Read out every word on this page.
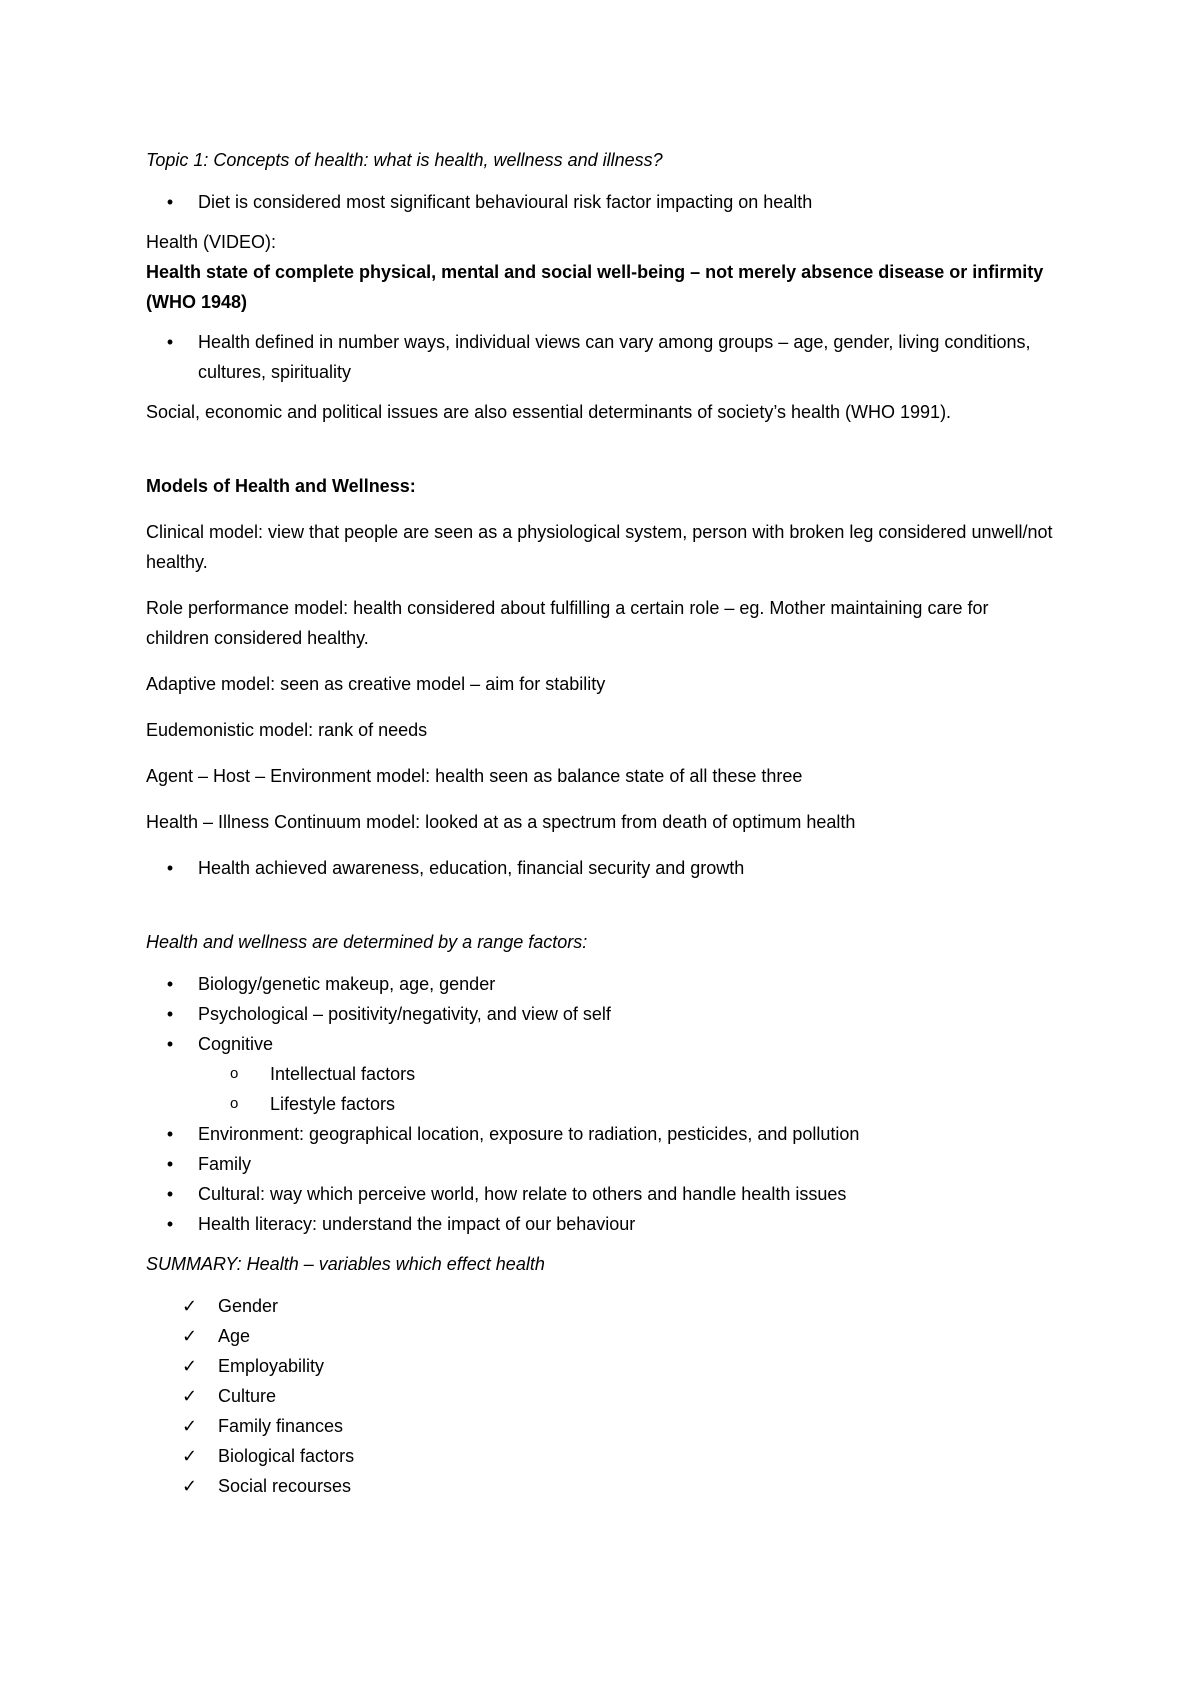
Topic 1: Concepts of health: what is health, wellness and illness?

•	Diet is considered most significant behavioural risk factor impacting on health

Health (VIDEO):

Health state of complete physical, mental and social well-being – not merely absence disease or infirmity (WHO 1948)

•	Health defined in number ways, individual views can vary among groups – age, gender, living conditions, cultures, spirituality

Social, economic and political issues are also essential determinants of society’s health (WHO 1991).

Models of Health and Wellness:

Clinical model: view that people are seen as a physiological system, person with broken leg considered unwell/not healthy.

Role performance model: health considered about fulfilling a certain role – eg. Mother maintaining care for children considered healthy.

Adaptive model: seen as creative model – aim for stability

Eudemonistic model: rank of needs

Agent – Host – Environment model: health seen as balance state of all these three

Health – Illness Continuum model: looked at as a spectrum from death of optimum health

•	Health achieved awareness, education, financial security and growth

Health and wellness are determined by a range factors:

•	Biology/genetic makeup, age, gender
•	Psychological – positivity/negativity, and view of self
•	Cognitive
o Intellectual factors
o Lifestyle factors
•	Environment: geographical location, exposure to radiation, pesticides, and pollution
•	Family
•	Cultural: way which perceive world, how relate to others and handle health issues
•	Health literacy: understand the impact of our behaviour

SUMMARY: Health – variables which effect health

✓ Gender
✓ Age
✓ Employability
✓ Culture
✓ Family finances
✓ Biological factors
✓ Social recourses
